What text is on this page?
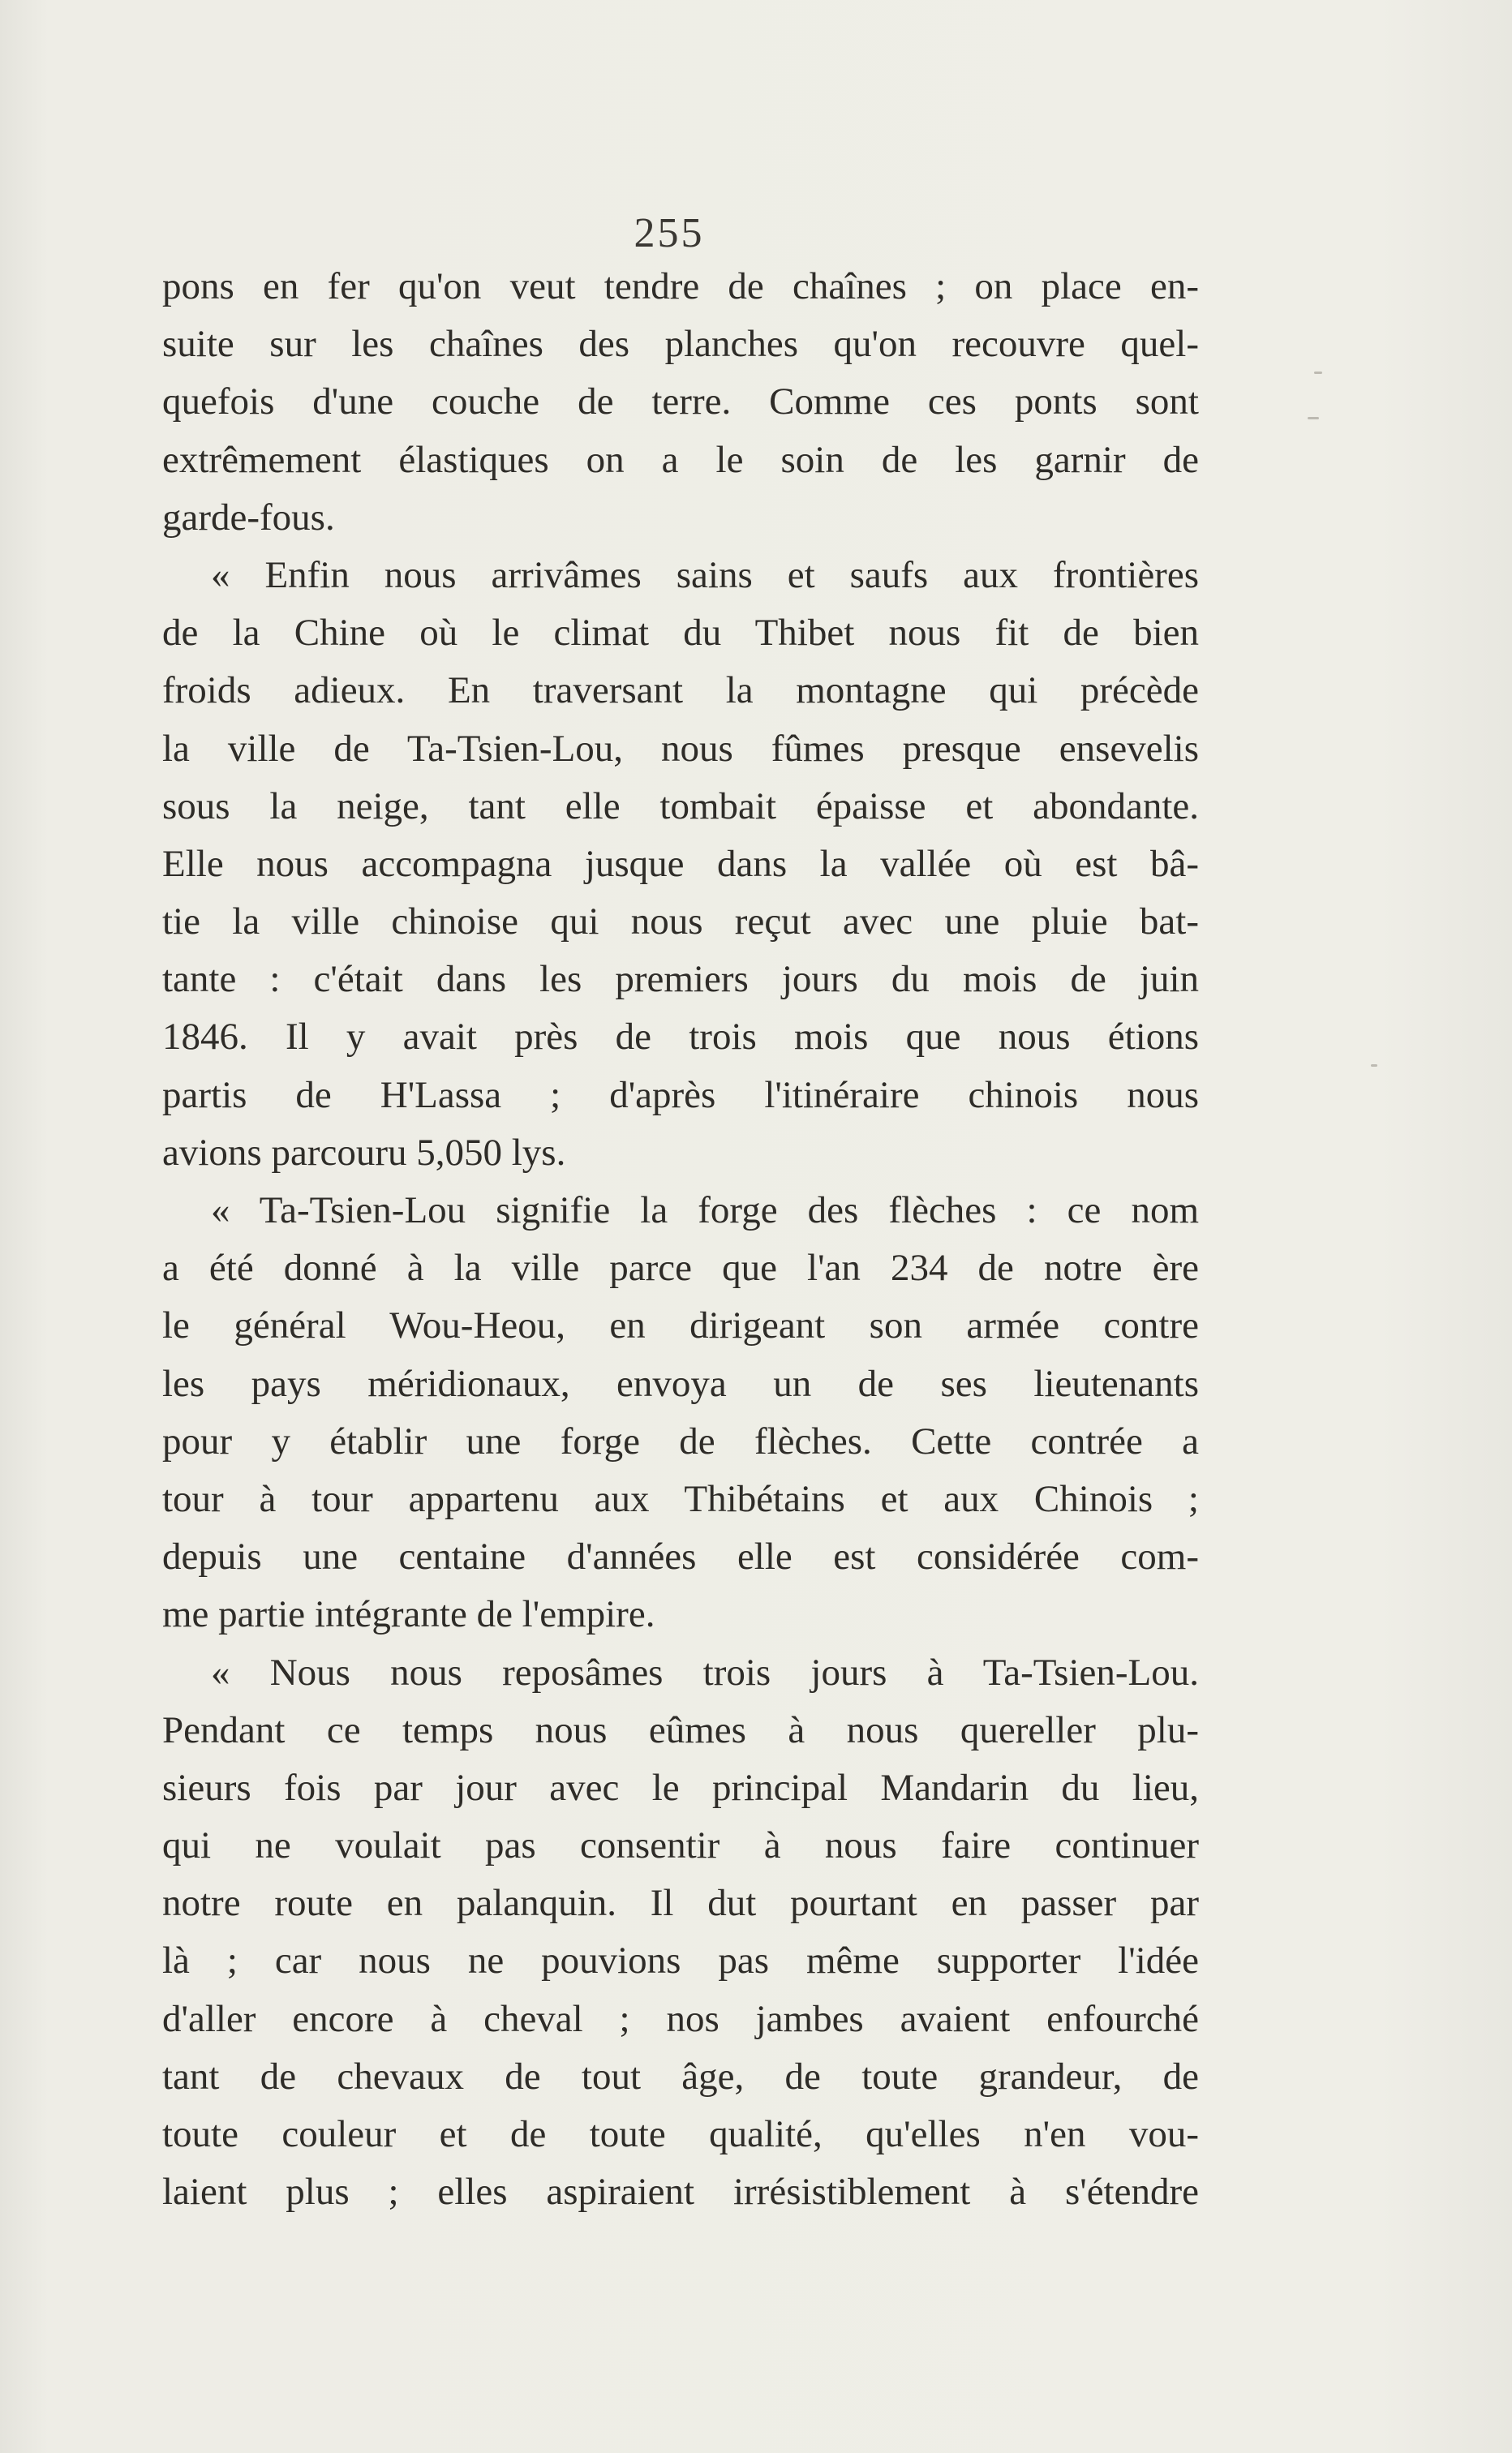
255
pons en fer qu'on veut tendre de chaînes ; on place en-
suite sur les chaînes des planches qu'on recouvre quel-
quefois d'une couche de terre. Comme ces ponts sont
extrêmement élastiques on a le soin de les garnir de
garde-fous.
« Enfin nous arrivâmes sains et saufs aux frontières
de la Chine où le climat du Thibet nous fit de bien
froids adieux. En traversant la montagne qui précède
la ville de Ta-Tsien-Lou, nous fûmes presque ensevelis
sous la neige, tant elle tombait épaisse et abondante.
Elle nous accompagna jusque dans la vallée où est bâ-
tie la ville chinoise qui nous reçut avec une pluie bat-
tante : c'était dans les premiers jours du mois de juin
1846. Il y avait près de trois mois que nous étions
partis de H'Lassa ; d'après l'itinéraire chinois nous
avions parcouru 5,050 lys.
« Ta-Tsien-Lou signifie la forge des flèches : ce nom
a été donné à la ville parce que l'an 234 de notre ère
le général Wou-Heou, en dirigeant son armée contre
les pays méridionaux, envoya un de ses lieutenants
pour y établir une forge de flèches. Cette contrée a
tour à tour appartenu aux Thibétains et aux Chinois ;
depuis une centaine d'années elle est considérée com-
me partie intégrante de l'empire.
« Nous nous reposâmes trois jours à Ta-Tsien-Lou.
Pendant ce temps nous eûmes à nous quereller plu-
sieurs fois par jour avec le principal Mandarin du lieu,
qui ne voulait pas consentir à nous faire continuer
notre route en palanquin. Il dut pourtant en passer par
là ; car nous ne pouvions pas même supporter l'idée
d'aller encore à cheval ; nos jambes avaient enfourché
tant de chevaux de tout âge, de toute grandeur, de
toute couleur et de toute qualité, qu'elles n'en vou-
laient plus ; elles aspiraient irrésistiblement à s'étendre
